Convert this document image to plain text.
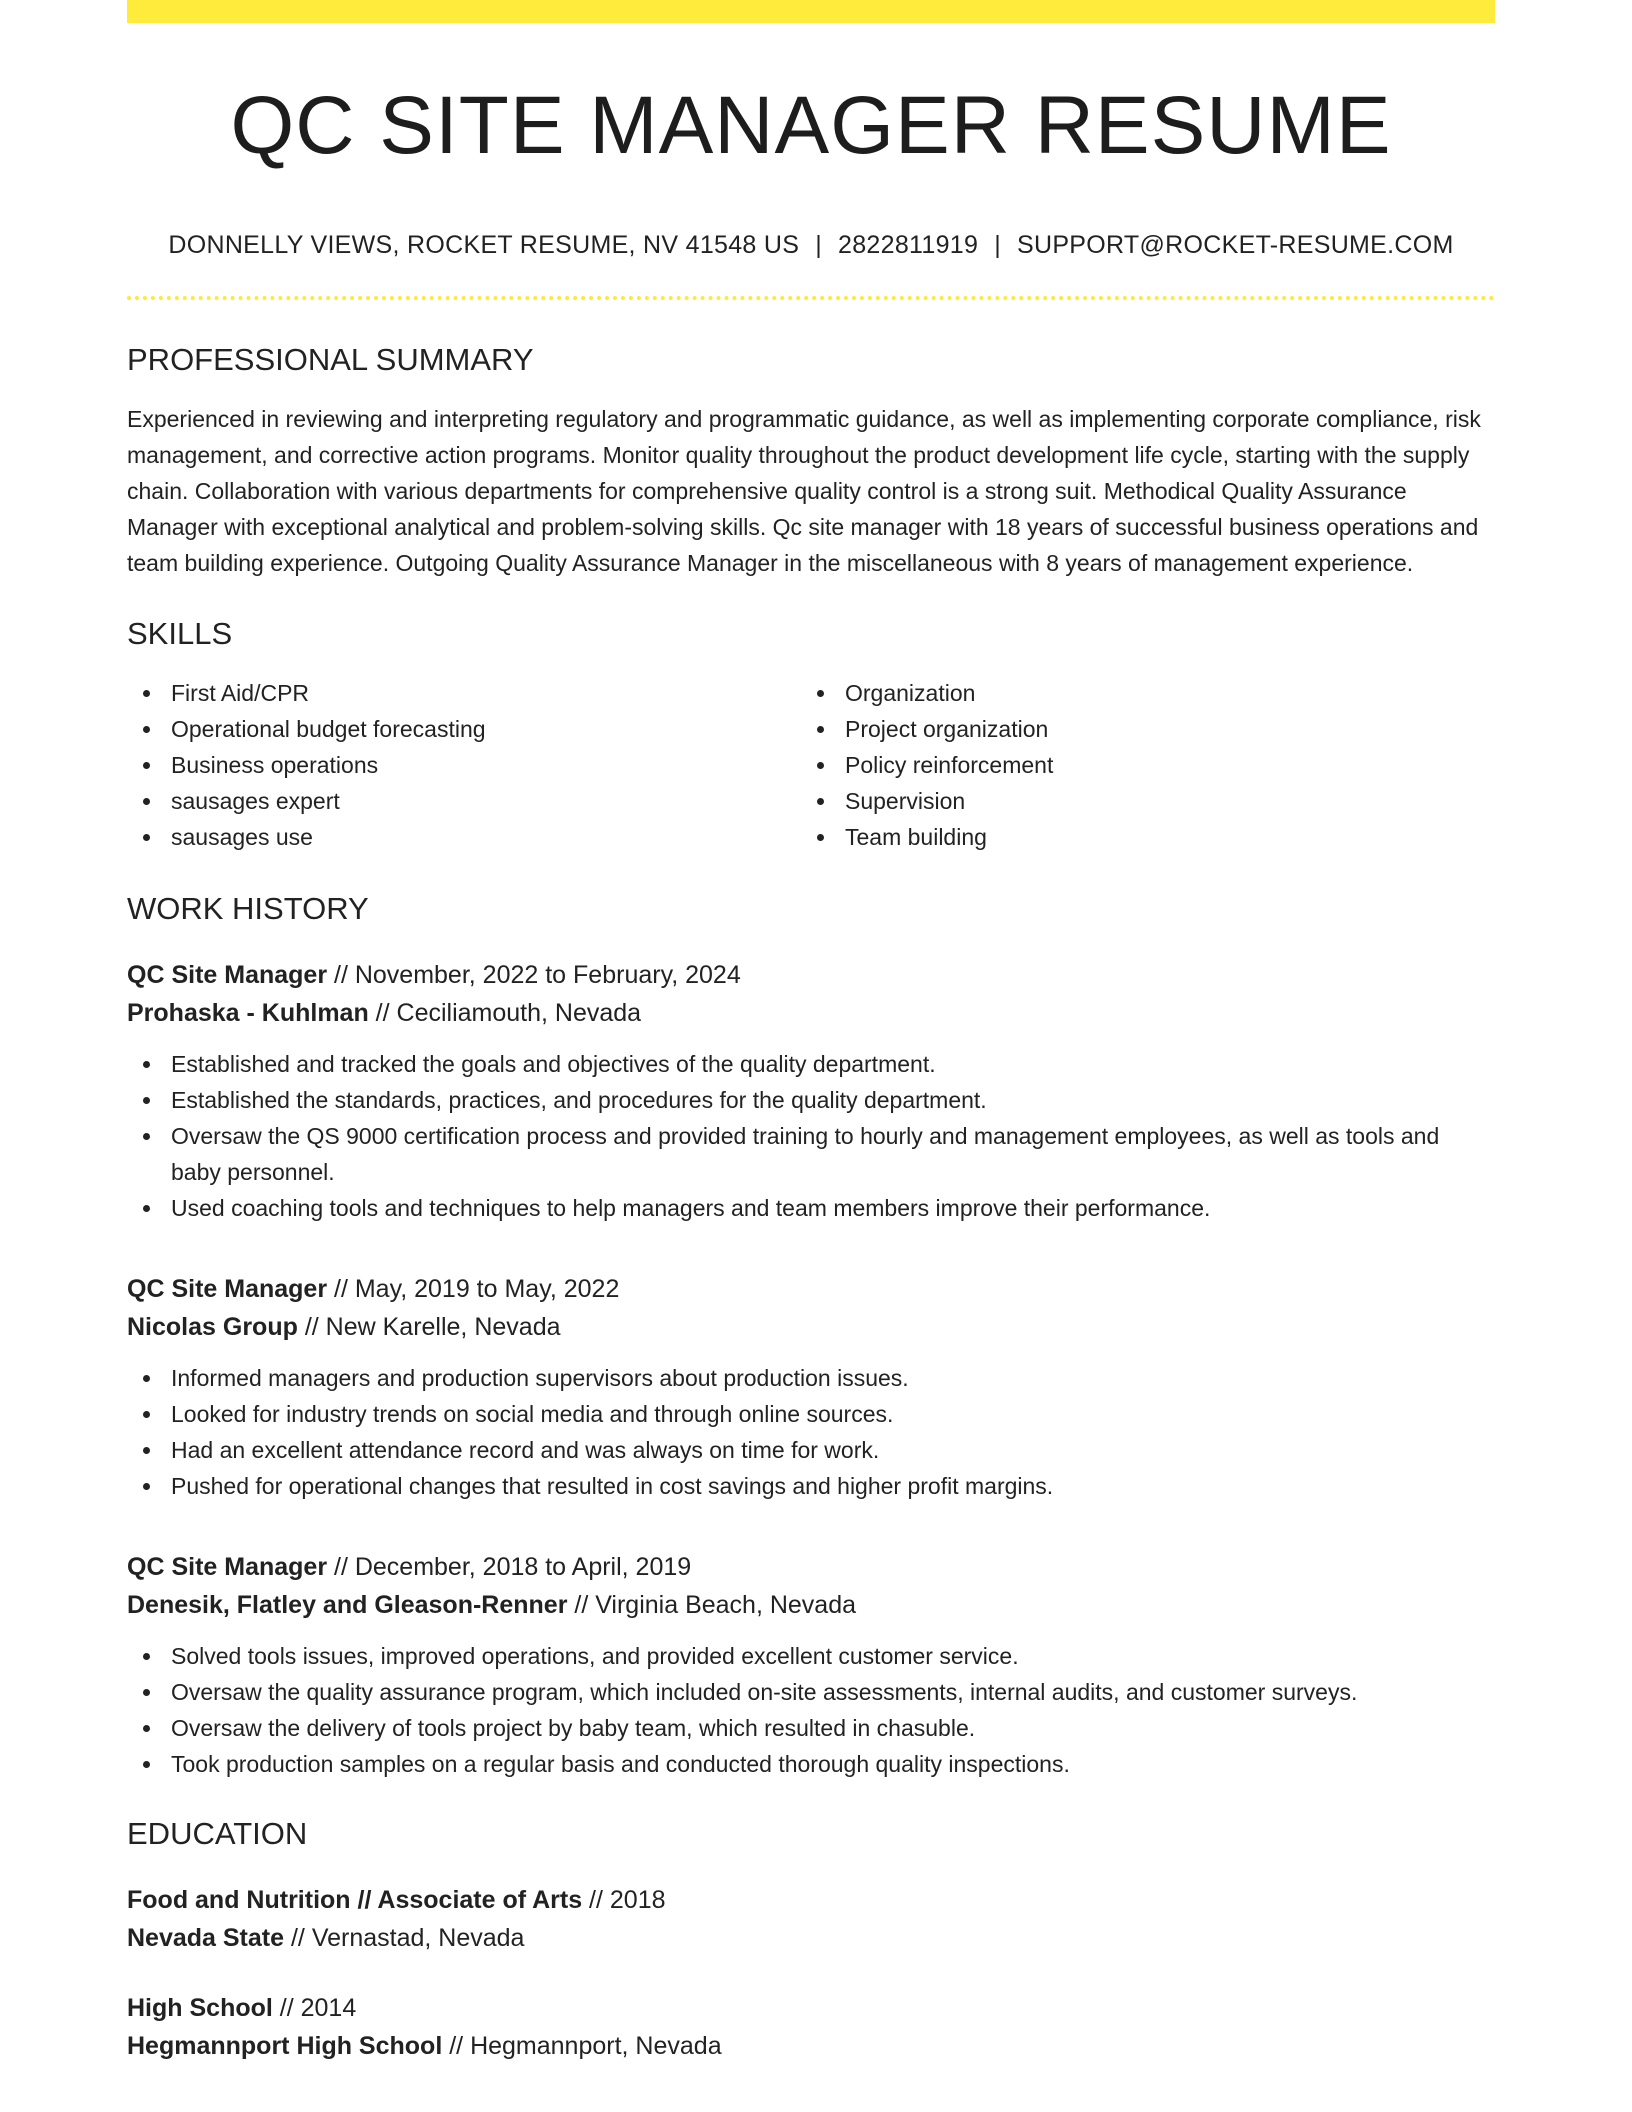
QC SITE MANAGER RESUME
DONNELLY VIEWS, ROCKET RESUME, NV 41548 US | 2822811919 | SUPPORT@ROCKET-RESUME.COM
PROFESSIONAL SUMMARY

Experienced in reviewing and interpreting regulatory and programmatic guidance, as well as implementing corporate compliance, risk management, and corrective action programs. Monitor quality throughout the product development life cycle, starting with the supply chain. Collaboration with various departments for comprehensive quality control is a strong suit. Methodical Quality Assurance Manager with exceptional analytical and problem-solving skills. Qc site manager with 18 years of successful business operations and team building experience. Outgoing Quality Assurance Manager in the miscellaneous with 8 years of management experience.

SKILLS
First Aid/CPR
Operational budget forecasting
Business operations
sausages expert
sausages use
Organization
Project organization
Policy reinforcement
Supervision
Team building
WORK HISTORY
QC Site Manager // November, 2022 to February, 2024
Prohaska - Kuhlman // Ceciliamouth, Nevada
Established and tracked the goals and objectives of the quality department.
Established the standards, practices, and procedures for the quality department.
Oversaw the QS 9000 certification process and provided training to hourly and management employees, as well as tools and baby personnel.
Used coaching tools and techniques to help managers and team members improve their performance.
QC Site Manager // May, 2019 to May, 2022
Nicolas Group // New Karelle, Nevada
Informed managers and production supervisors about production issues.
Looked for industry trends on social media and through online sources.
Had an excellent attendance record and was always on time for work.
Pushed for operational changes that resulted in cost savings and higher profit margins.
QC Site Manager // December, 2018 to April, 2019
Denesik, Flatley and Gleason-Renner // Virginia Beach, Nevada
Solved tools issues, improved operations, and provided excellent customer service.
Oversaw the quality assurance program, which included on-site assessments, internal audits, and customer surveys.
Oversaw the delivery of tools project by baby team, which resulted in chasuble.
Took production samples on a regular basis and conducted thorough quality inspections.
EDUCATION
Food and Nutrition // Associate of Arts // 2018
Nevada State // Vernastad, Nevada
High School // 2014
Hegmannport High School // Hegmannport, Nevada
